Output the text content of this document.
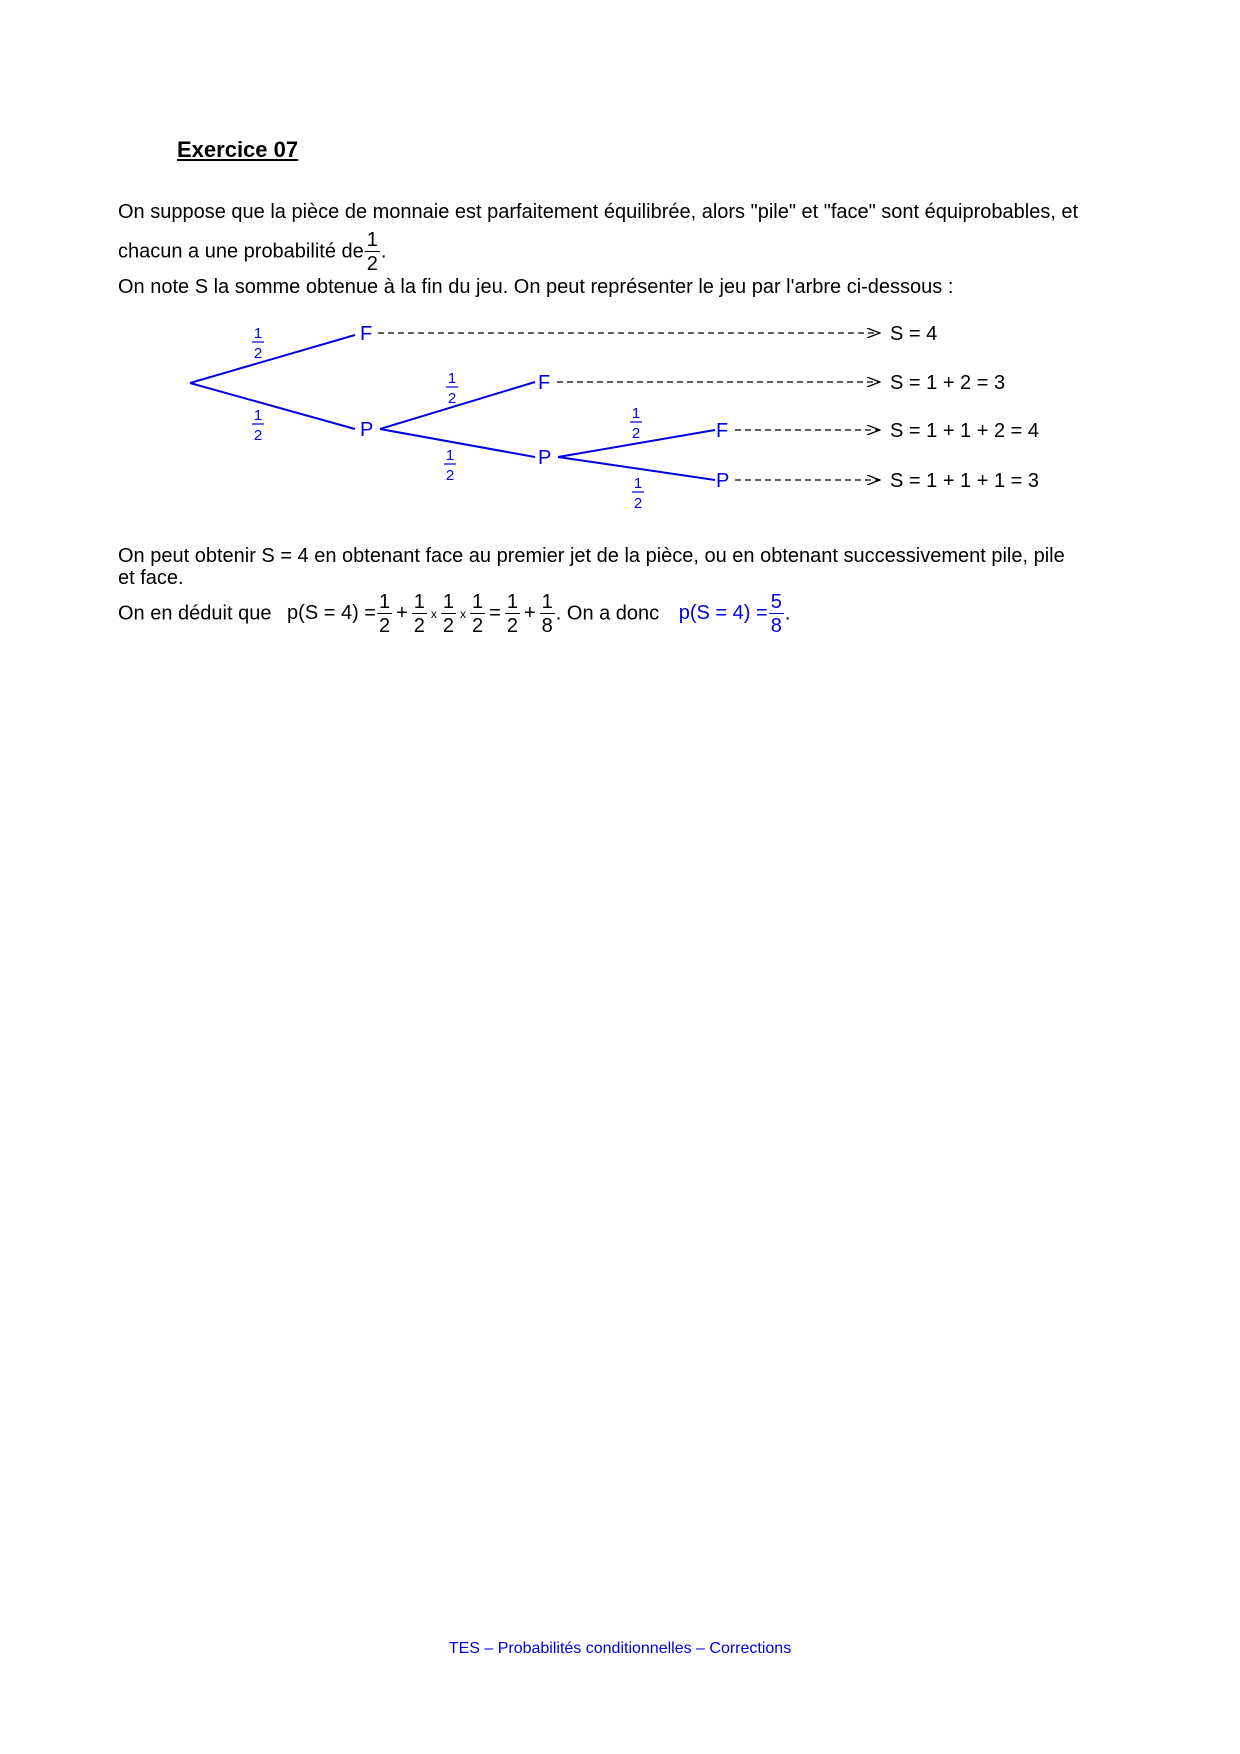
Exercice 07
On suppose que la pièce de monnaie est parfaitement équilibrée, alors "pile" et "face" sont équiprobables, et
chacun a une probabilité de $\frac{1}{2}$ .
On note S la somme obtenue à la fin du jeu. On peut représenter le jeu par l'arbre ci-dessous :
F
P
F
P
F
P
1
2
1
2
1
2
1
2
1
2
1
2
S = 4
S = 1 + 2 = 3
S = 1 + 1 + 2 = 4
S = 1 + 1 + 1 = 3
On peut obtenir S = 4 en obtenant face au premier jet de la pièce, ou en obtenant successivement pile, pile
et face.
On en déduit que $p(S = 4) = \frac{1}{2} + \frac{1}{2}$ x $\frac{1}{2}$ x $\frac{1}{2} = \frac{1}{2} + \frac{1}{8}$ . On a donc $p(S = 4) = \frac{5}{8}$ .
TES – Probabilités conditionnelles – Corrections
